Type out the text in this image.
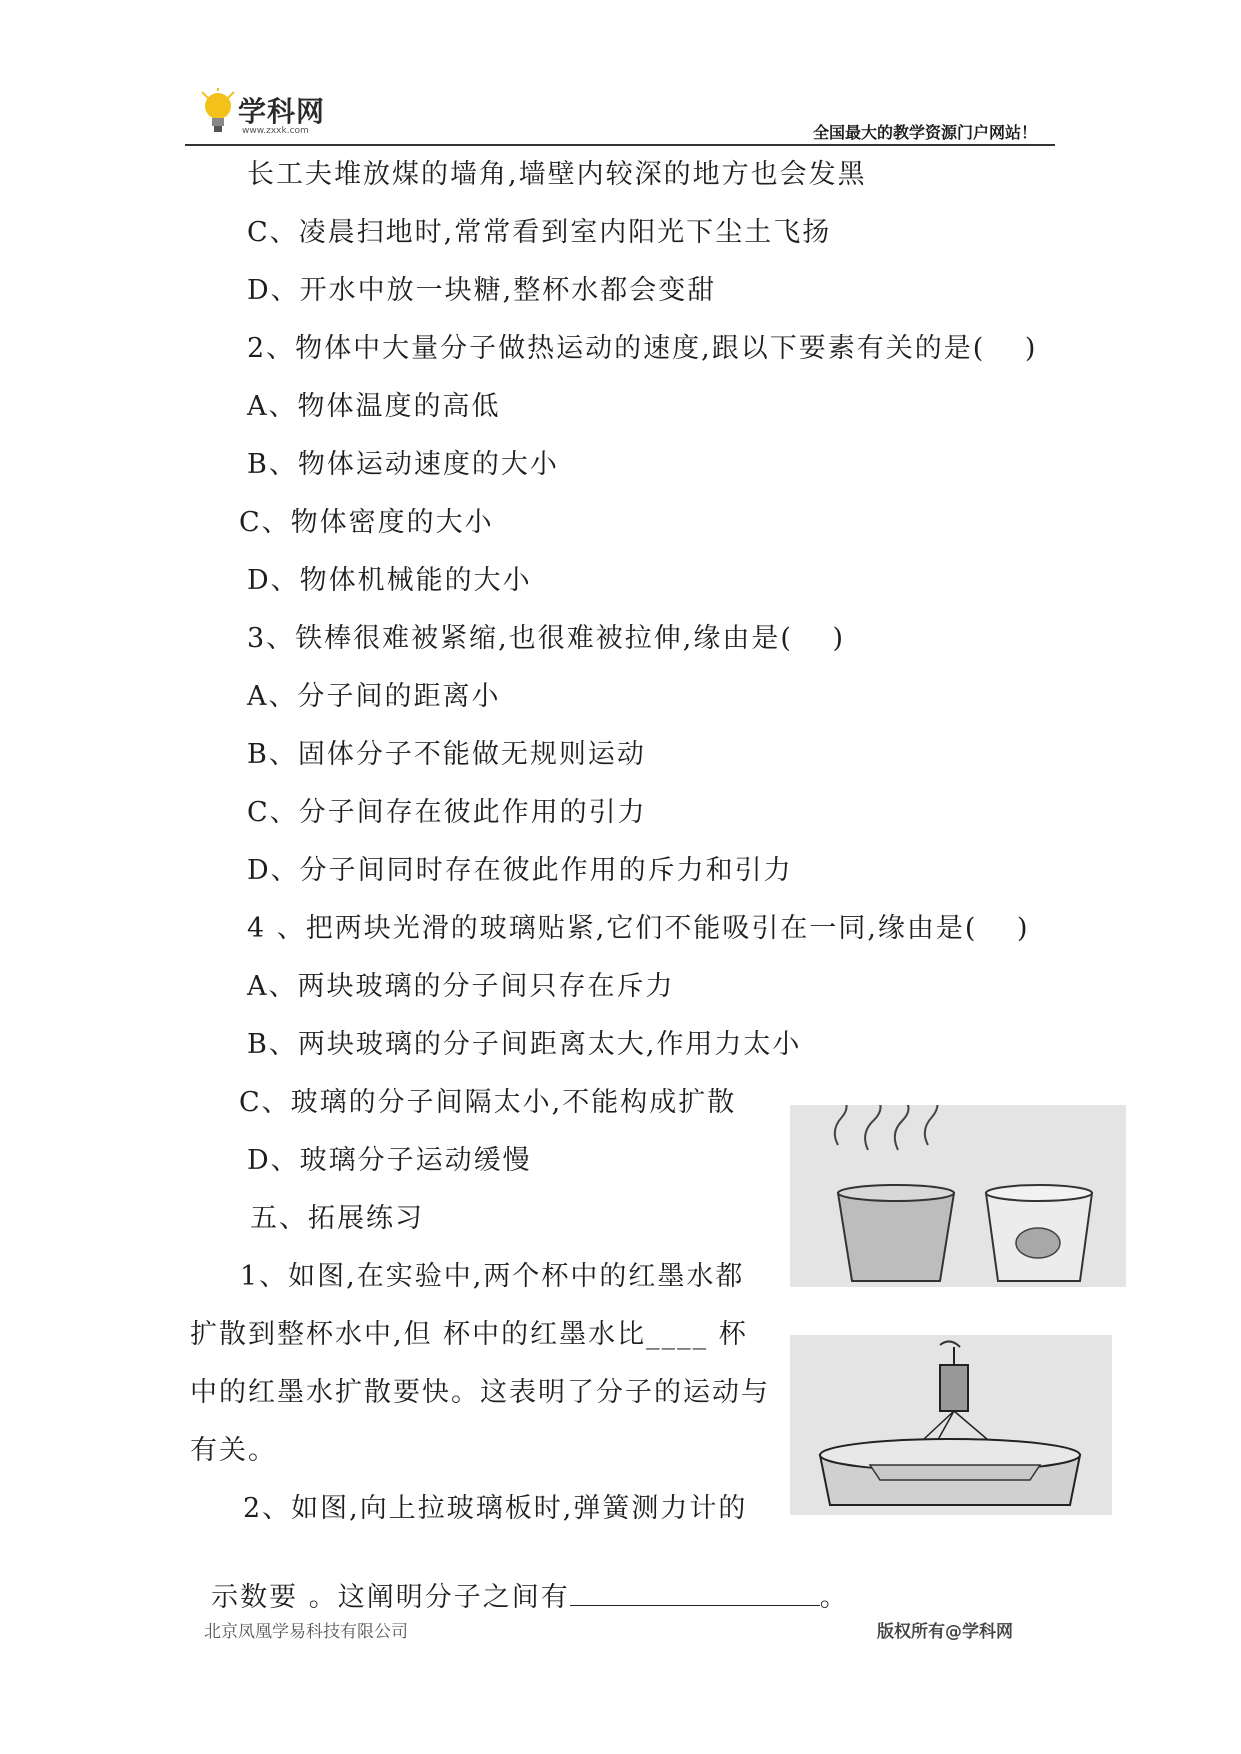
学科网
www.zxxk.com	全国最大的教学资源门户网站！
长工夫堆放煤的墙角,墙壁内较深的地方也会发黑
C、凌晨扫地时,常常看到室内阳光下尘土飞扬
D、开水中放一块糖,整杯水都会变甜
2、物体中大量分子做热运动的速度,跟以下要素有关的是(　 )
A、物体温度的高低
B、物体运动速度的大小
C、物体密度的大小
D、物体机械能的大小
3、铁棒很难被紧缩,也很难被拉伸,缘由是(　 )
A、分子间的距离小
B、固体分子不能做无规则运动
C、分子间存在彼此作用的引力
D、分子间同时存在彼此作用的斥力和引力
4 、把两块光滑的玻璃贴紧,它们不能吸引在一同,缘由是(　 )
A、两块玻璃的分子间只存在斥力
B、两块玻璃的分子间距离太大,作用力太小
C、玻璃的分子间隔太小,不能构成扩散
D、玻璃分子运动缓慢
五、拓展练习
1、如图,在实验中,两个杯中的红墨水都
扩散到整杯水中,但 杯中的红墨水比____ 杯
中的红墨水扩散要快。这表明了分子的运动与
有关。
2、如图,向上拉玻璃板时,弹簧测力计的

示数要 。这阐明分子之间有	。

北京凤凰学易科技有限公司	版权所有@学科网
